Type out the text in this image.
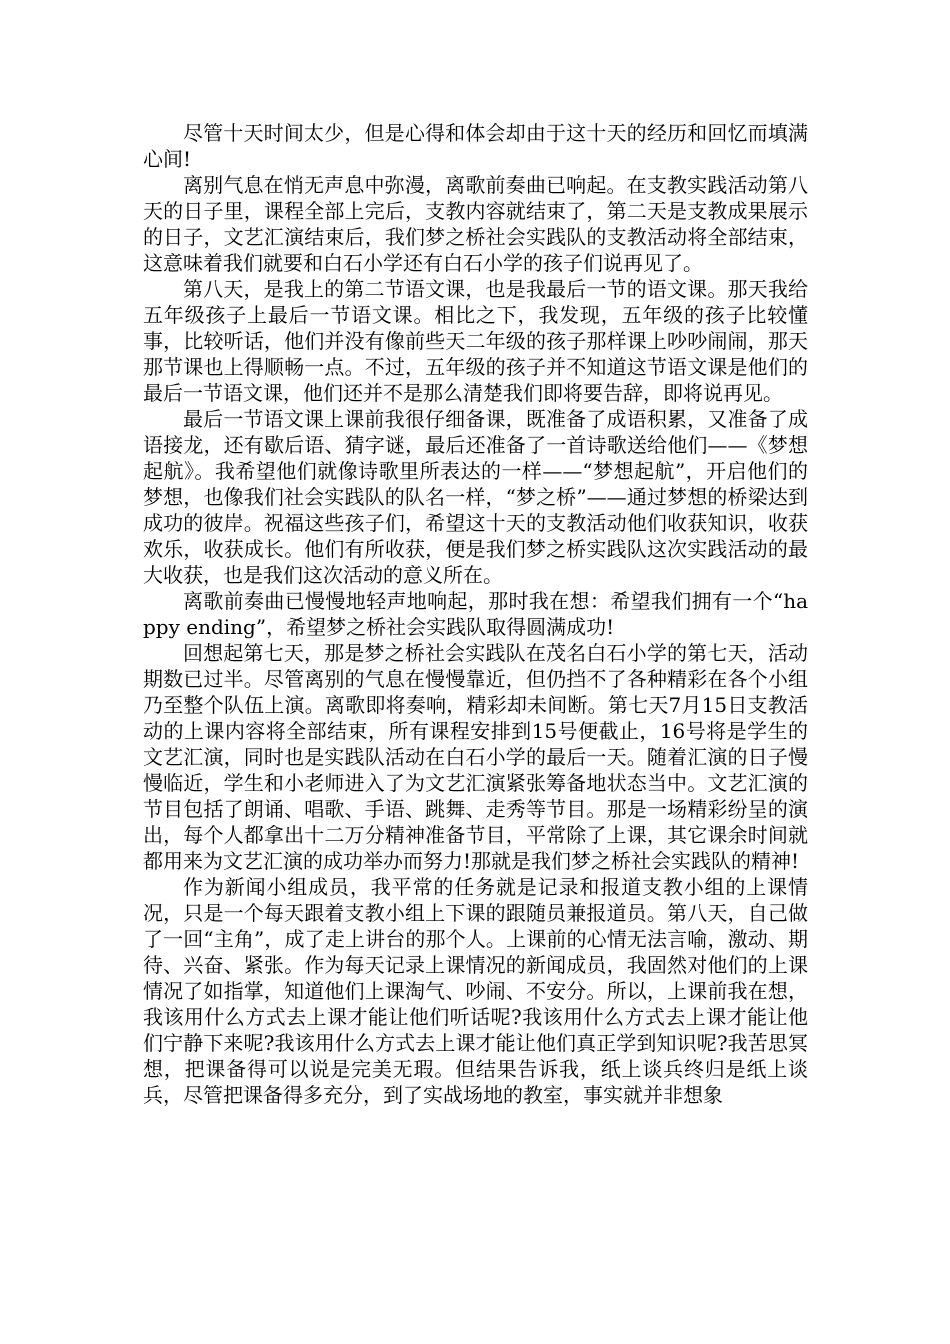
尽管十天时间太少，但是心得和体会却由于这十天的经历和回忆而填满心间!

离别气息在悄无声息中弥漫，离歌前奏曲已响起。在支教实践活动第八天的日子里，课程全部上完后，支教内容就结束了，第二天是支教成果展示的日子，文艺汇演结束后，我们梦之桥社会实践队的支教活动将全部结束，这意味着我们就要和白石小学还有白石小学的孩子们说再见了。

第八天，是我上的第二节语文课，也是我最后一节的语文课。那天我给五年级孩子上最后一节语文课。相比之下，我发现，五年级的孩子比较懂事，比较听话，他们并没有像前些天二年级的孩子那样课上吵吵闹闹，那天那节课也上得顺畅一点。不过，五年级的孩子并不知道这节语文课是他们的最后一节语文课，他们还并不是那么清楚我们即将要告辞，即将说再见。

最后一节语文课上课前我很仔细备课，既准备了成语积累，又准备了成语接龙，还有歇后语、猜字谜，最后还准备了一首诗歌送给他们——《梦想起航》。我希望他们就像诗歌里所表达的一样——“梦想起航”，开启他们的梦想，也像我们社会实践队的队名一样，“梦之桥”——通过梦想的桥梁达到成功的彼岸。祝福这些孩子们，希望这十天的支教活动他们收获知识，收获欢乐，收获成长。他们有所收获，便是我们梦之桥实践队这次实践活动的最大收获，也是我们这次活动的意义所在。

离歌前奏曲已慢慢地轻声地响起，那时我在想：希望我们拥有一个“happy ending”，希望梦之桥社会实践队取得圆满成功!

回想起第七天，那是梦之桥社会实践队在茂名白石小学的第七天，活动期数已过半。尽管离别的气息在慢慢靠近，但仍挡不了各种精彩在各个小组乃至整个队伍上演。离歌即将奏响，精彩却未间断。第七天7月15日支教活动的上课内容将全部结束，所有课程安排到15号便截止，16号将是学生的文艺汇演，同时也是实践队活动在白石小学的最后一天。随着汇演的日子慢慢临近，学生和小老师进入了为文艺汇演紧张筹备地状态当中。文艺汇演的节目包括了朗诵、唱歌、手语、跳舞、走秀等节目。那是一场精彩纷呈的演出，每个人都拿出十二万分精神准备节目，平常除了上课，其它课余时间就都用来为文艺汇演的成功举办而努力!那就是我们梦之桥社会实践队的精神!

作为新闻小组成员，我平常的任务就是记录和报道支教小组的上课情况，只是一个每天跟着支教小组上下课的跟随员兼报道员。第八天，自己做了一回“主角”，成了走上讲台的那个人。上课前的心情无法言喻，激动、期待、兴奋、紧张。作为每天记录上课情况的新闻成员，我固然对他们的上课情况了如指掌，知道他们上课淘气、吵闹、不安分。所以，上课前我在想，我该用什么方式去上课才能让他们听话呢?我该用什么方式去上课才能让他们宁静下来呢?我该用什么方式去上课才能让他们真正学到知识呢?我苦思冥想，把课备得可以说是完美无瑕。但结果告诉我，纸上谈兵终归是纸上谈兵，尽管把课备得多充分，到了实战场地的教室，事实就并非想象
